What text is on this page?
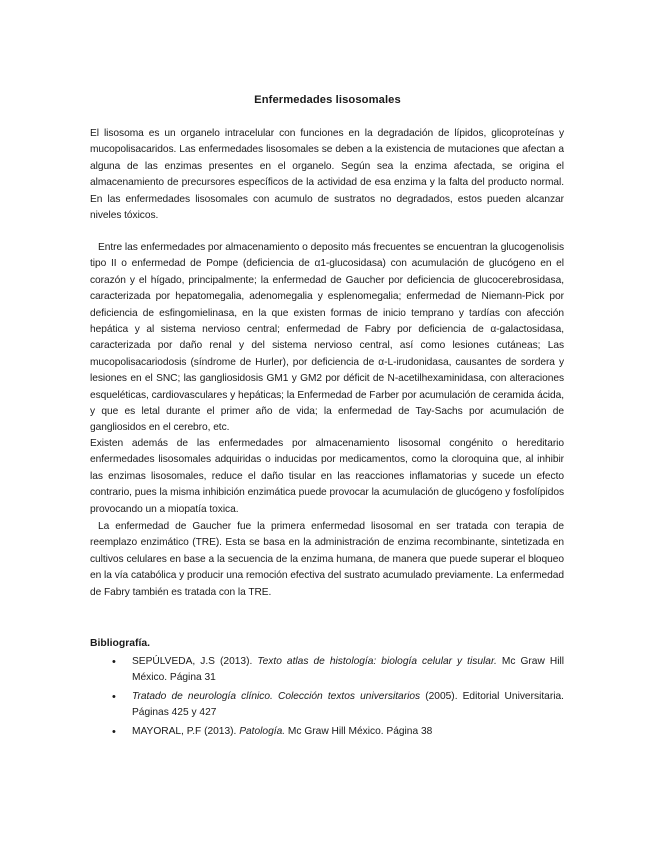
Enfermedades lisosomales

El lisosoma es un organelo intracelular con funciones en la degradación de lípidos, glicoproteínas y mucopolisacaridos. Las enfermedades lisosomales se deben a la existencia de mutaciones que afectan a alguna de las enzimas presentes en el organelo. Según sea la enzima afectada, se origina el almacenamiento de precursores específicos de la actividad de esa enzima y la falta del producto normal. En las enfermedades lisosomales con acumulo de sustratos no degradados, estos pueden alcanzar niveles tóxicos.

Entre las enfermedades por almacenamiento o deposito más frecuentes se encuentran la glucogenolisis tipo II o enfermedad de Pompe (deficiencia de α1-glucosidasa) con acumulación de glucógeno en el corazón y el hígado, principalmente; la enfermedad de Gaucher por deficiencia de glucocerebrosidasa, caracterizada por hepatomegalia, adenomegalia y esplenomegalia; enfermedad de Niemann-Pick por deficiencia de esfingomielinasa, en la que existen formas de inicio temprano y tardías con afección hepática y al sistema nervioso central; enfermedad de Fabry por deficiencia de α-galactosidasa, caracterizada por daño renal y del sistema nervioso central, así como lesiones cutáneas; Las mucopolisacariodosis (síndrome de Hurler), por deficiencia de α-L-irudonidasa, causantes de sordera y lesiones en el SNC; las gangliosidosis GM1 y GM2 por déficit de N-acetilhexaminidasa, con alteraciones esqueléticas, cardiovasculares y hepáticas; la Enfermedad de Farber por acumulación de ceramida ácida, y que es letal durante el primer año de vida; la enfermedad de Tay-Sachs por acumulación de gangliosidos en el cerebro, etc.

Existen además de las enfermedades por almacenamiento lisosomal congénito o hereditario enfermedades lisosomales adquiridas o inducidas por medicamentos, como la cloroquina que, al inhibir las enzimas lisosomales, reduce el daño tisular en las reacciones inflamatorias y sucede un efecto contrario, pues la misma inhibición enzimática puede provocar la acumulación de glucógeno y fosfolípidos provocando un a miopatía toxica.

La enfermedad de Gaucher fue la primera enfermedad lisosomal en ser tratada con terapia de reemplazo enzimático (TRE). Esta se basa en la administración de enzima recombinante, sintetizada en cultivos celulares en base a la secuencia de la enzima humana, de manera que puede superar el bloqueo en la vía catabólica y producir una remoción efectiva del sustrato acumulado previamente. La enfermedad de Fabry también es tratada con la TRE.

Bibliografía.
• SEPÚLVEDA, J.S (2013). Texto atlas de histología: biología celular y tisular. Mc Graw Hill México. Página 31
• Tratado de neurología clínico. Colección textos universitarios (2005). Editorial Universitaria. Páginas 425 y 427
• MAYORAL, P.F (2013). Patología. Mc Graw Hill México. Página 38
